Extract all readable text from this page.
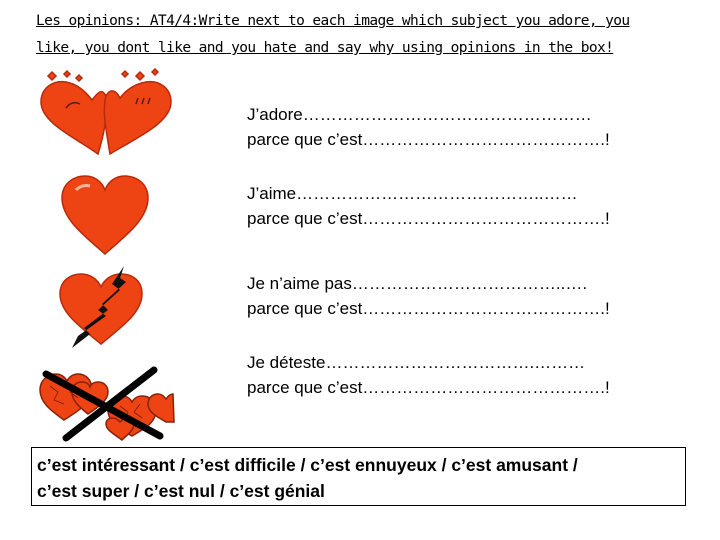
Les opinions: AT4/4:Write next to each image which subject you adore, you
like, you dont like and you hate and say why using opinions in the box!
J’adore……………………………………………
parce que c’est…………………………………….!
J’aime……………………………………..……
parce que c’est…………………………………….!
Je n’aime pas………………………………..….
parce que c’est…………………………………….!
Je déteste……………………………….………
parce que c’est…………………………………….!
c’est intéressant / c’est difficile / c’est ennuyeux / c’est amusant /
c’est super / c’est nul / c’est génial
